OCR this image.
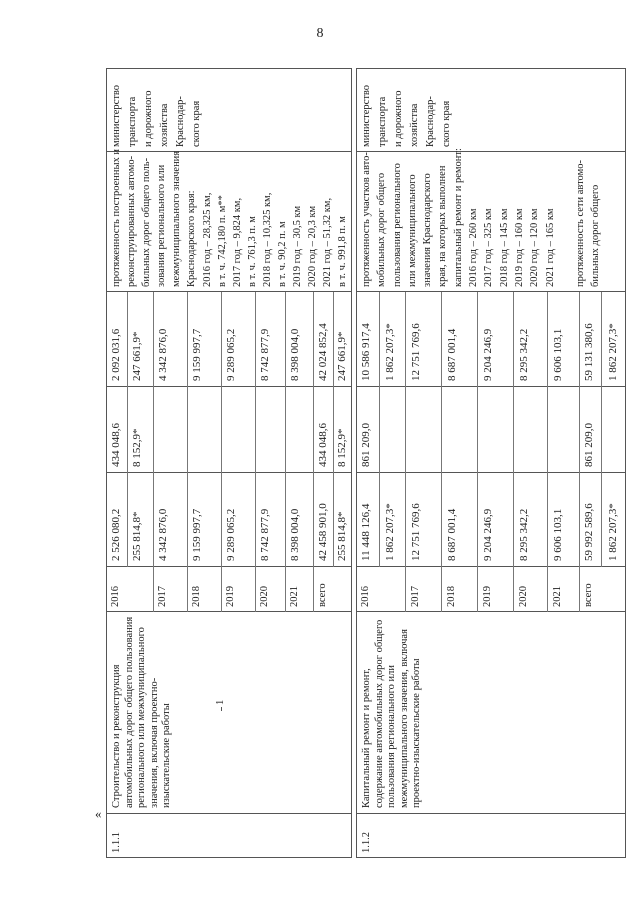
8
«
1.1.1
Строительство и реконструкция автомобильных дорог общего пользования регионального или межмуниципального значения, включая проектно-изыскательские работы
1
2016
2 526 080,2
434 048,6
2 092 031,6
255 814,8*
8 152,9*
247 661,9*
2017
4 342 876,0
4 342 876,0
2018
9 159 997,7
9 159 997,7
2019
9 289 065,2
9 289 065,2
2020
8 742 877,9
8 742 877,9
2021
8 398 004,0
8 398 004,0
всего
42 458 901,0
434 048,6
42 024 852,4
255 814,8*
8 152,9*
247 661,9*
протяженность построенных и реконструированных автомо- бильных дорог общего поль- зования регионального или межмуниципального значения Краснодарского края: 2016 год – 28,325 км, в т. ч. 742,180 п. м** 2017 год – 9,824 км, в т. ч. 761,3 п. м 2018 год – 10,325 км, в т. ч. 90,2 п. м 2019 год – 30,5 км 2020 год – 20,3 км 2021 год – 51,32 км, в т. ч. 991,8 п. м
министерство транспорта и дорожного хозяйства Краснодар- ского края
1.1.2
Капитальный ремонт и ремонт, содержание автомобильных дорог общего пользования регионального или межмуниципального значения, включая проектно-изыскательские работы
2016
11 448 126,4
861 209,0
10 586 917,4
1 862 207,3*
1 862 207,3*
2017
12 751 769,6
12 751 769,6
2018
8 687 001,4
8 687 001,4
2019
9 204 246,9
9 204 246,9
2020
8 295 342,2
8 295 342,2
2021
9 606 103,1
9 606 103,1
всего
59 992 589,6
861 209,0
59 131 380,6
1 862 207,3*
1 862 207,3*
протяженность участков авто- мобильных дорог общего пользования регионального или межмуниципального значения Краснодарского края, на которых выполнен капитальный ремонт и ремонт: 2016 год – 260 км 2017 год – 325 км 2018 год – 145 км 2019 год – 160 км 2020 год – 120 км 2021 год – 165 км
протяженность сети автомо- бильных дорог общего
министерство транспорта и дорожного хозяйства Краснодар- ского края
